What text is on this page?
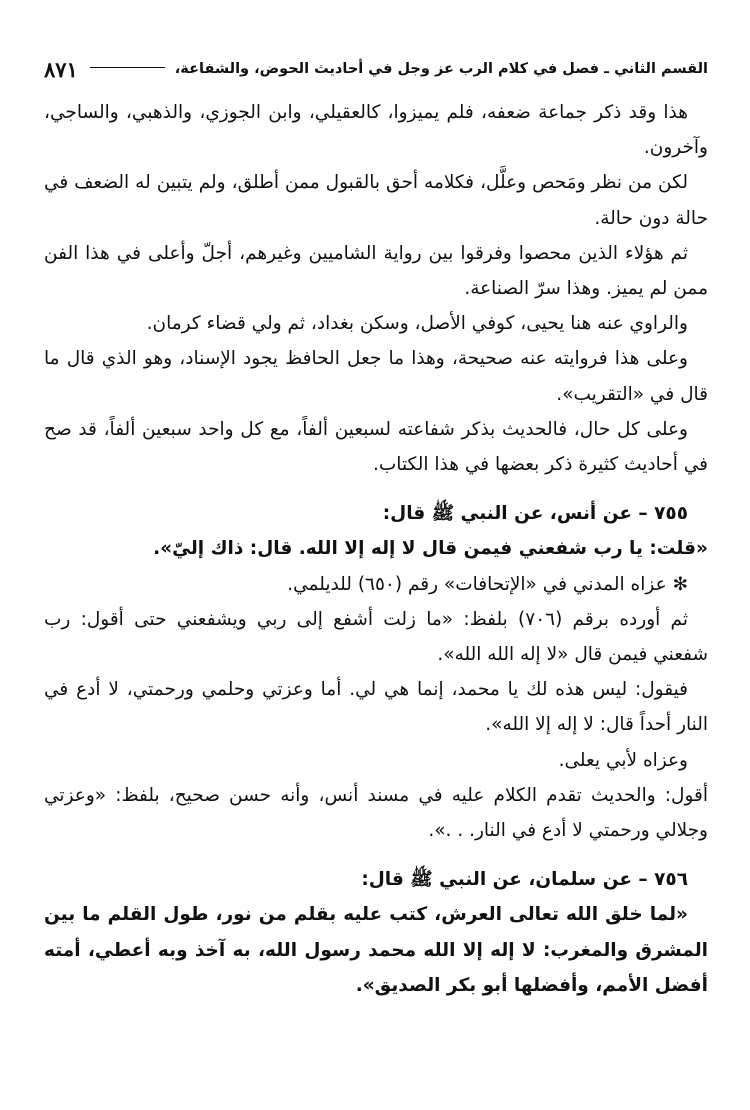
القسم الثاني ـ فصل في كلام الرب عز وجل في أحاديث الحوض، والشفاعة،
٨٧١

هذا وقد ذكر جماعة ضعفه، فلم يميزوا، كالعقيلي، وابن الجوزي، والذهبي، والساجي، وآخرون.

لكن من نظر ومَحص وعلَّل، فكلامه أحق بالقبول ممن أطلق، ولم يتبين له الضعف في حالة دون حالة.

ثم هؤلاء الذين محصوا وفرقوا بين رواية الشاميين وغيرهم، أجلّ وأعلى في هذا الفن ممن لم يميز. وهذا سرّ الصناعة.

والراوي عنه هنا يحيى، كوفي الأصل، وسكن بغداد، ثم ولي قضاء كرمان.

وعلى هذا فروايته عنه صحيحة، وهذا ما جعل الحافظ يجود الإسناد، وهو الذي قال ما قال في «التقريب».

وعلى كل حال، فالحديث بذكر شفاعته لسبعين ألفاً، مع كل واحد سبعين ألفاً، قد صح في أحاديث كثيرة ذكر بعضها في هذا الكتاب.

٧٥٥ – عن أنس، عن النبي ﷺ قال:

«قلت: يا رب شفعني فيمن قال لا إله إلا الله. قال: ذاك إليّ».

✻ عزاه المدني في «الإتحافات» رقم (٦٥٠) للديلمي.

ثم أورده برقم (٧٠٦) بلفظ: «ما زلت أشفع إلى ربي ويشفعني حتى أقول: رب شفعني فيمن قال «لا إله الله الله».

فيقول: ليس هذه لك يا محمد، إنما هي لي. أما وعزتي وحلمي ورحمتي، لا أدع في النار أحداً قال: لا إله إلا الله».

وعزاه لأبي يعلى.

أقول: والحديث تقدم الكلام عليه في مسند أنس، وأنه حسن صحيح، بلفظ: «وعزتي وجلالي ورحمتي لا أدع في النار. . .».

٧٥٦ – عن سلمان، عن النبي ﷺ قال:

«لما خلق الله تعالى العرش، كتب عليه بقلم من نور، طول القلم ما بين المشرق والمغرب: لا إله إلا الله محمد رسول الله، به آخذ وبه أعطي، أمته أفضل الأمم، وأفضلها أبو بكر الصديق».
